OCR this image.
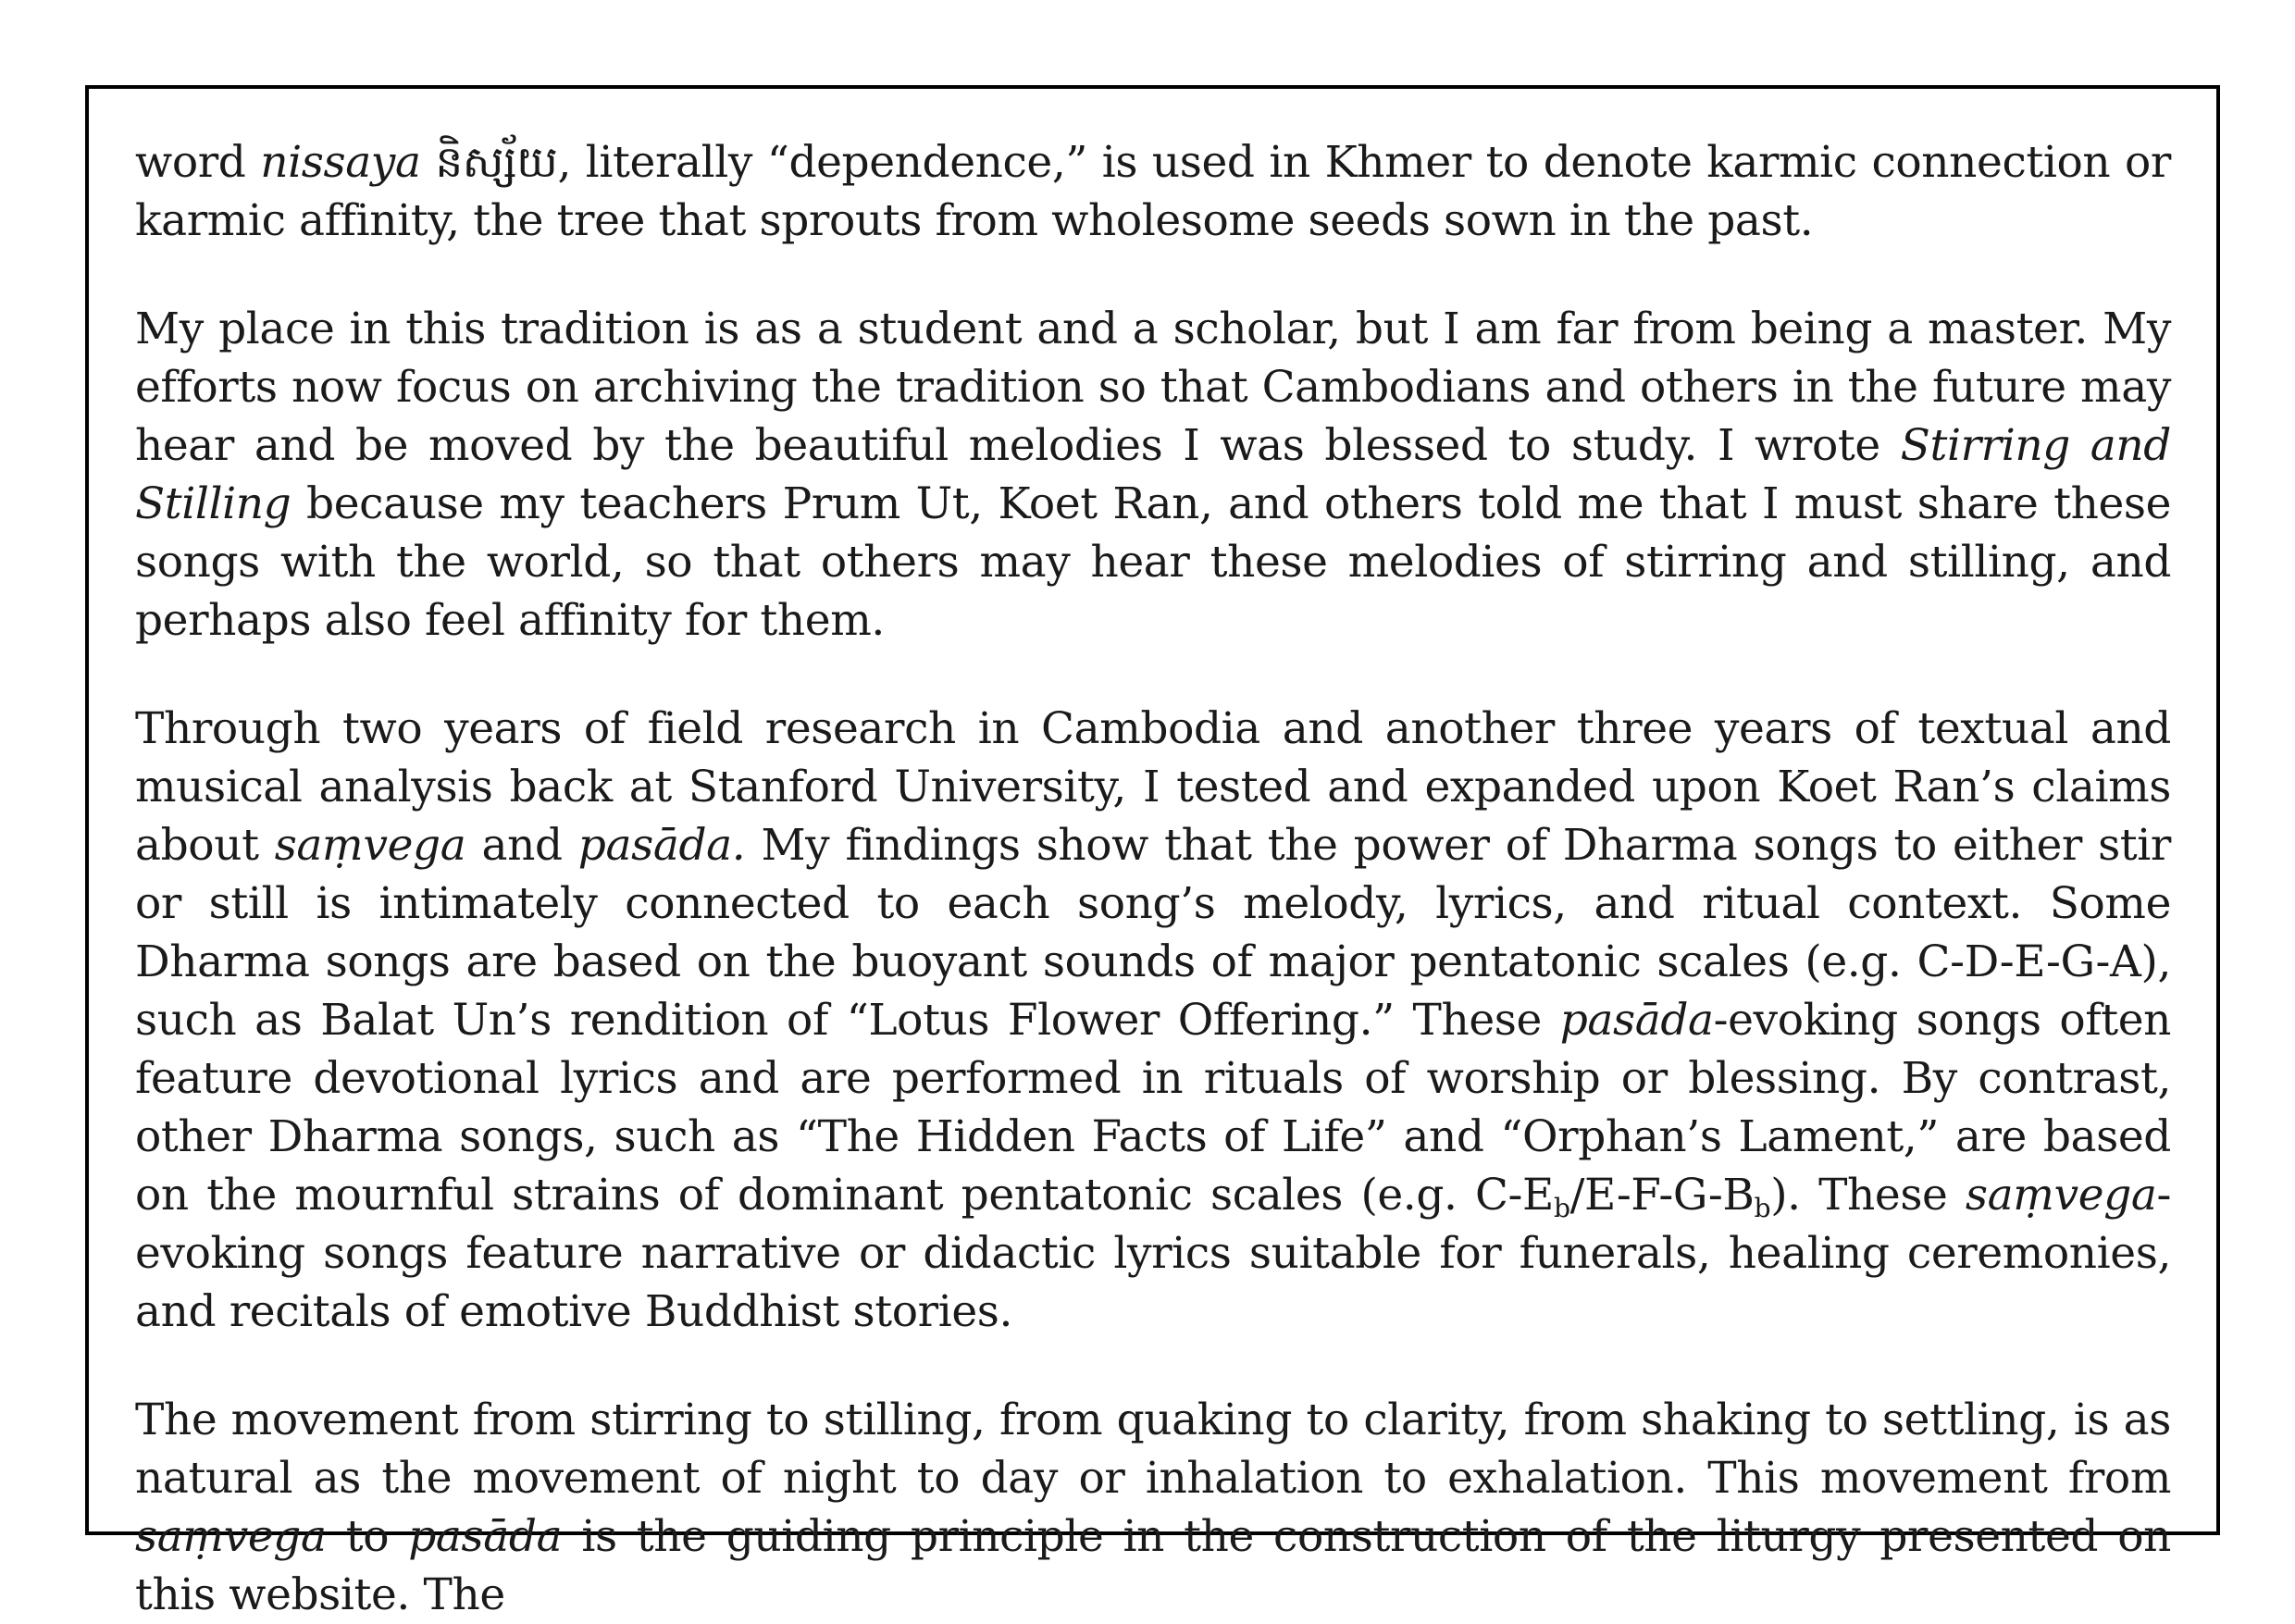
word nissaya និស្ស័យ, literally “dependence,” is used in Khmer to denote karmic connection or karmic affinity, the tree that sprouts from wholesome seeds sown in the past.

My place in this tradition is as a student and a scholar, but I am far from being a master. My efforts now focus on archiving the tradition so that Cambodians and others in the future may hear and be moved by the beautiful melodies I was blessed to study. I wrote Stirring and Stilling because my teachers Prum Ut, Koet Ran, and others told me that I must share these songs with the world, so that others may hear these melodies of stirring and stilling, and perhaps also feel affinity for them.

Through two years of field research in Cambodia and another three years of textual and musical analysis back at Stanford University, I tested and expanded upon Koet Ran’s claims about saṃvega and pasāda. My findings show that the power of Dharma songs to either stir or still is intimately connected to each song’s melody, lyrics, and ritual context. Some Dharma songs are based on the buoyant sounds of major pentatonic scales (e.g. C-D-E-G-A), such as Balat Un’s rendition of “Lotus Flower Offering.” These pasāda-evoking songs often feature devotional lyrics and are performed in rituals of worship or blessing. By contrast, other Dharma songs, such as “The Hidden Facts of Life” and “Orphan’s Lament,” are based on the mournful strains of dominant pentatonic scales (e.g. $C-E_b/E-F-G-B_b$). These saṃvega-evoking songs feature narrative or didactic lyrics suitable for funerals, healing ceremonies, and recitals of emotive Buddhist stories.

The movement from stirring to stilling, from quaking to clarity, from shaking to settling, is as natural as the movement of night to day or inhalation to exhalation. This movement from saṃvega to pasāda is the guiding principle in the construction of the liturgy presented on this website. The
